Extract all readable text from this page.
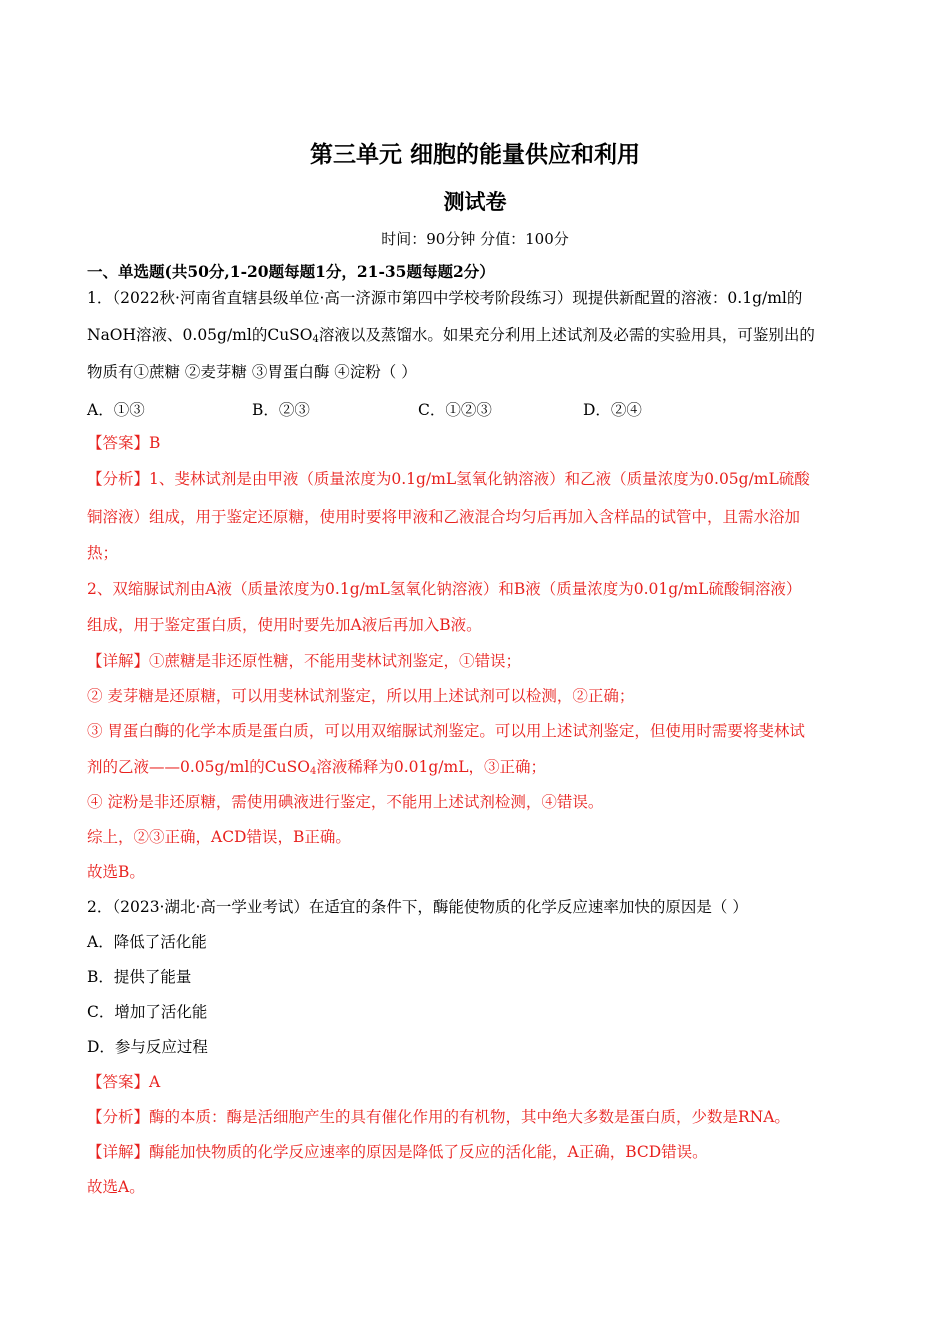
第三单元 细胞的能量供应和利用
测试卷
时间：90分钟 分值：100分
一、单选题(共50分,1-20题每题1分，21-35题每题2分）
1．（2022秋·河南省直辖县级单位·高一济源市第四中学校考阶段练习）现提供新配置的溶液：0.1g/ml的
NaOH溶液、0.05g/ml的CuSO$_4$溶液以及蒸馏水。如果充分利用上述试剂及必需的实验用具，可鉴别出的
物质有①蔗糖 ②麦芽糖 ③胃蛋白酶 ④淀粉（ ）
A．①③	B．②③	C．①②③	D．②④
【答案】B
【分析】1、斐林试剂是由甲液（质量浓度为0.1g/mL氢氧化钠溶液）和乙液（质量浓度为0.05g/mL硫酸
铜溶液）组成，用于鉴定还原糖，使用时要将甲液和乙液混合均匀后再加入含样品的试管中，且需水浴加
热；
2、双缩脲试剂由A液（质量浓度为0.1g/mL氢氧化钠溶液）和B液（质量浓度为0.01g/mL硫酸铜溶液）
组成，用于鉴定蛋白质，使用时要先加A液后再加入B液。
【详解】①蔗糖是非还原性糖，不能用斐林试剂鉴定，①错误；
② 麦芽糖是还原糖，可以用斐林试剂鉴定，所以用上述试剂可以检测，②正确；
③ 胃蛋白酶的化学本质是蛋白质，可以用双缩脲试剂鉴定。可以用上述试剂鉴定，但使用时需要将斐林试
剂的乙液——0.05g/ml的CuSO$_4$溶液稀释为0.01g/mL，③正确；
④ 淀粉是非还原糖，需使用碘液进行鉴定，不能用上述试剂检测，④错误。
综上，②③正确，ACD错误，B正确。
故选B。
2．（2023·湖北·高一学业考试）在适宜的条件下，酶能使物质的化学反应速率加快的原因是（ ）
A．降低了活化能
B．提供了能量
C．增加了活化能
D．参与反应过程
【答案】A
【分析】酶的本质：酶是活细胞产生的具有催化作用的有机物，其中绝大多数是蛋白质，少数是RNA。
【详解】酶能加快物质的化学反应速率的原因是降低了反应的活化能，A正确，BCD错误。
故选A。
